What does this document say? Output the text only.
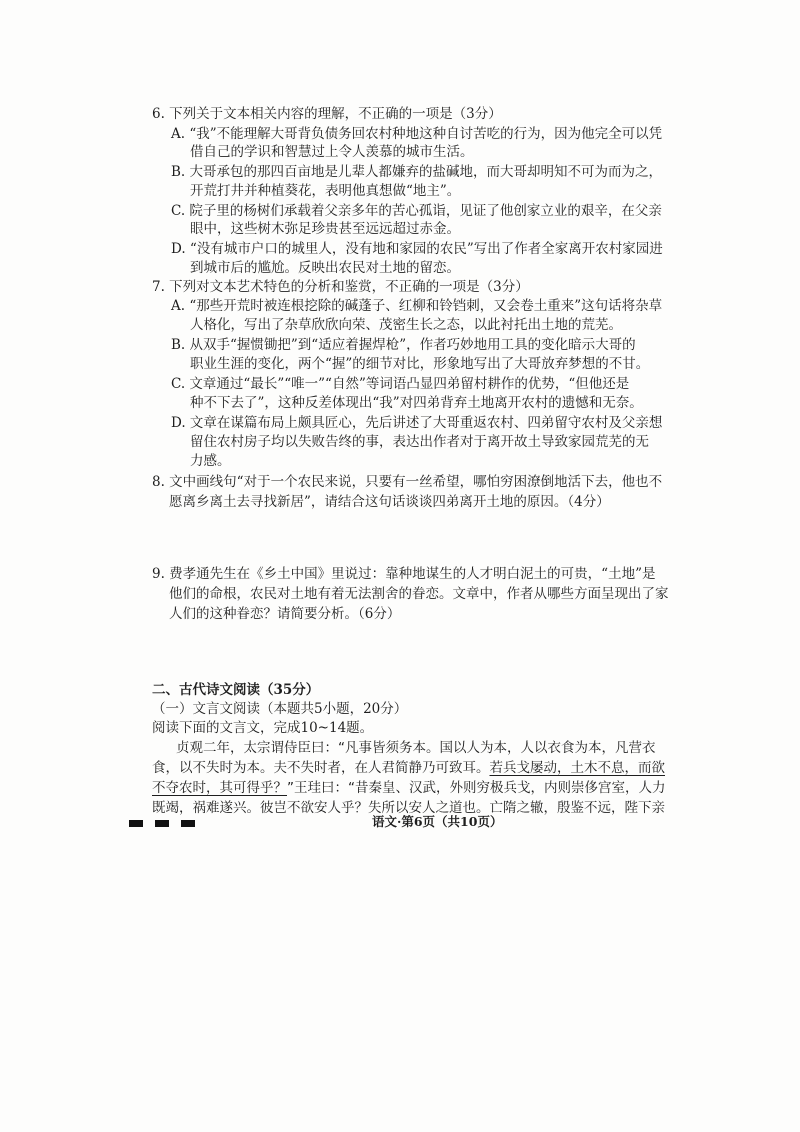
6. 下列关于文本相关内容的理解，不正确的一项是（3分）
A. “我”不能理解大哥背负债务回农村种地这种自讨苦吃的行为，因为他完全可以凭
借自己的学识和智慧过上令人羡慕的城市生活。
B. 大哥承包的那四百亩地是儿辈人都嫌弃的盐碱地，而大哥却明知不可为而为之，
开荒打井并种植葵花，表明他真想做“地主”。
C. 院子里的杨树们承载着父亲多年的苦心孤诣，见证了他创家立业的艰辛，在父亲
眼中，这些树木弥足珍贵甚至远远超过赤金。
D. “没有城市户口的城里人，没有地和家园的农民”写出了作者全家离开农村家园进
到城市后的尴尬。反映出农民对土地的留恋。
7. 下列对文本艺术特色的分析和鉴赏，不正确的一项是（3分）
A. “那些开荒时被连根挖除的碱蓬子、红柳和铃铛刺，又会卷土重来”这句话将杂草
人格化，写出了杂草欣欣向荣、茂密生长之态，以此衬托出土地的荒芜。
B. 从双手“握惯锄把”到“适应着握焊枪”，作者巧妙地用工具的变化暗示大哥的
职业生涯的变化，两个“握”的细节对比，形象地写出了大哥放弃梦想的不甘。
C. 文章通过“最长”“唯一”“自然”等词语凸显四弟留村耕作的优势，“但他还是
种不下去了”，这种反差体现出“我”对四弟背弃土地离开农村的遗憾和无奈。
D. 文章在谋篇布局上颇具匠心，先后讲述了大哥重返农村、四弟留守农村及父亲想
留住农村房子均以失败告终的事，表达出作者对于离开故土导致家园荒芜的无
力感。
8. 文中画线句“对于一个农民来说，只要有一丝希望，哪怕穷困潦倒地活下去，他也不
愿离乡离土去寻找新居”，请结合这句话谈谈四弟离开土地的原因。（4分）
9. 费孝通先生在《乡土中国》里说过：靠种地谋生的人才明白泥土的可贵，“土地”是
他们的命根，农民对土地有着无法割舍的眷恋。文章中，作者从哪些方面呈现出了家
人们的这种眷恋？请简要分析。（6分）
二、古代诗文阅读（35分）
（一）文言文阅读（本题共5小题，20分）
阅读下面的文言文，完成10~14题。
贞观二年，太宗谓侍臣曰：“凡事皆须务本。国以人为本，人以衣食为本，凡营衣
食，以不失时为本。夫不失时者，在人君简静乃可致耳。若兵戈屡动，土木不息，而欲
不夺农时，其可得乎？”王珪曰：“昔秦皇、汉武，外则穷极兵戈，内则崇侈宫室，人力
既竭，祸难遂兴。彼岂不欲安人乎？失所以安人之道也。亡隋之辙，殷鉴不远，陛下亲
语文·第6页（共10页）
